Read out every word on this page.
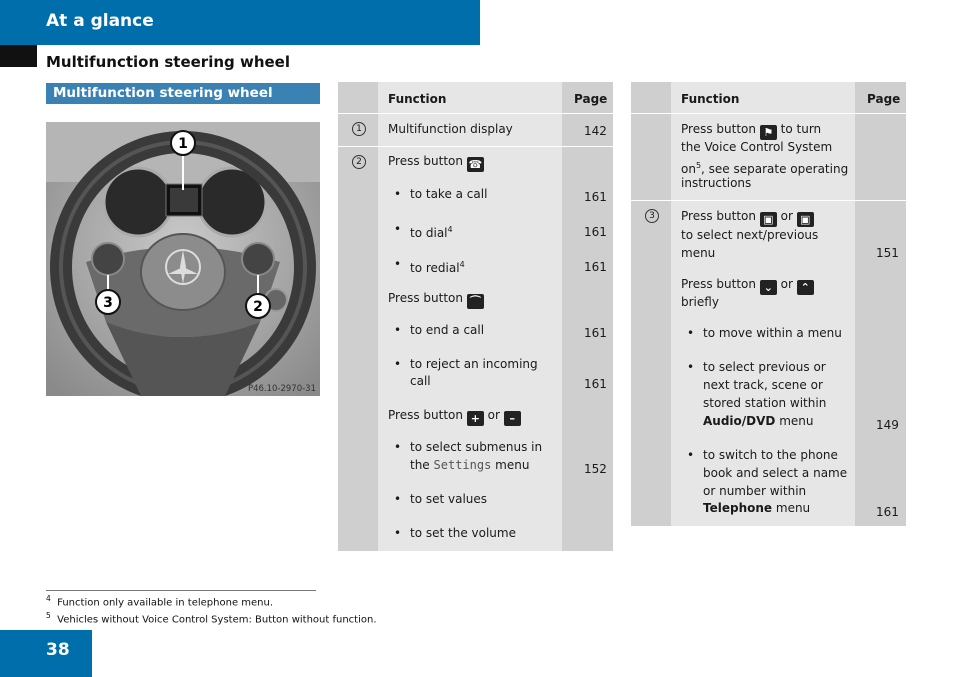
At a glance
Multifunction steering wheel
Multifunction steering wheel
1
3	2
P46.10-2970-31
Function	Page
1	Multifunction display	142
2	Press button ☎
• to take a call	161
• to dial$^4$	161
• to redial$^4$	161
Press button ⌒
• to end a call	161
• to reject an incoming
call	161
Press button + or –
• to select submenus in
the Settings menu	152
• to set values
• to set the volume
Function	Page
Press button ⚑ to turn
the Voice Control System
$on^5$, see separate operating
instructions
3	Press button ▣ or ▣
to select next/previous
menu	151
Press button ⌄ or ⌃
briefly
• to move within a menu
• to select previous or
next track, scene or
stored station within
Audio/DVD menu	149
• to switch to the phone
book and select a name
or number within
Telephone menu	161
$^4$ Function only available in telephone menu.
$^5$ Vehicles without Voice Control System: Button without function.
38
